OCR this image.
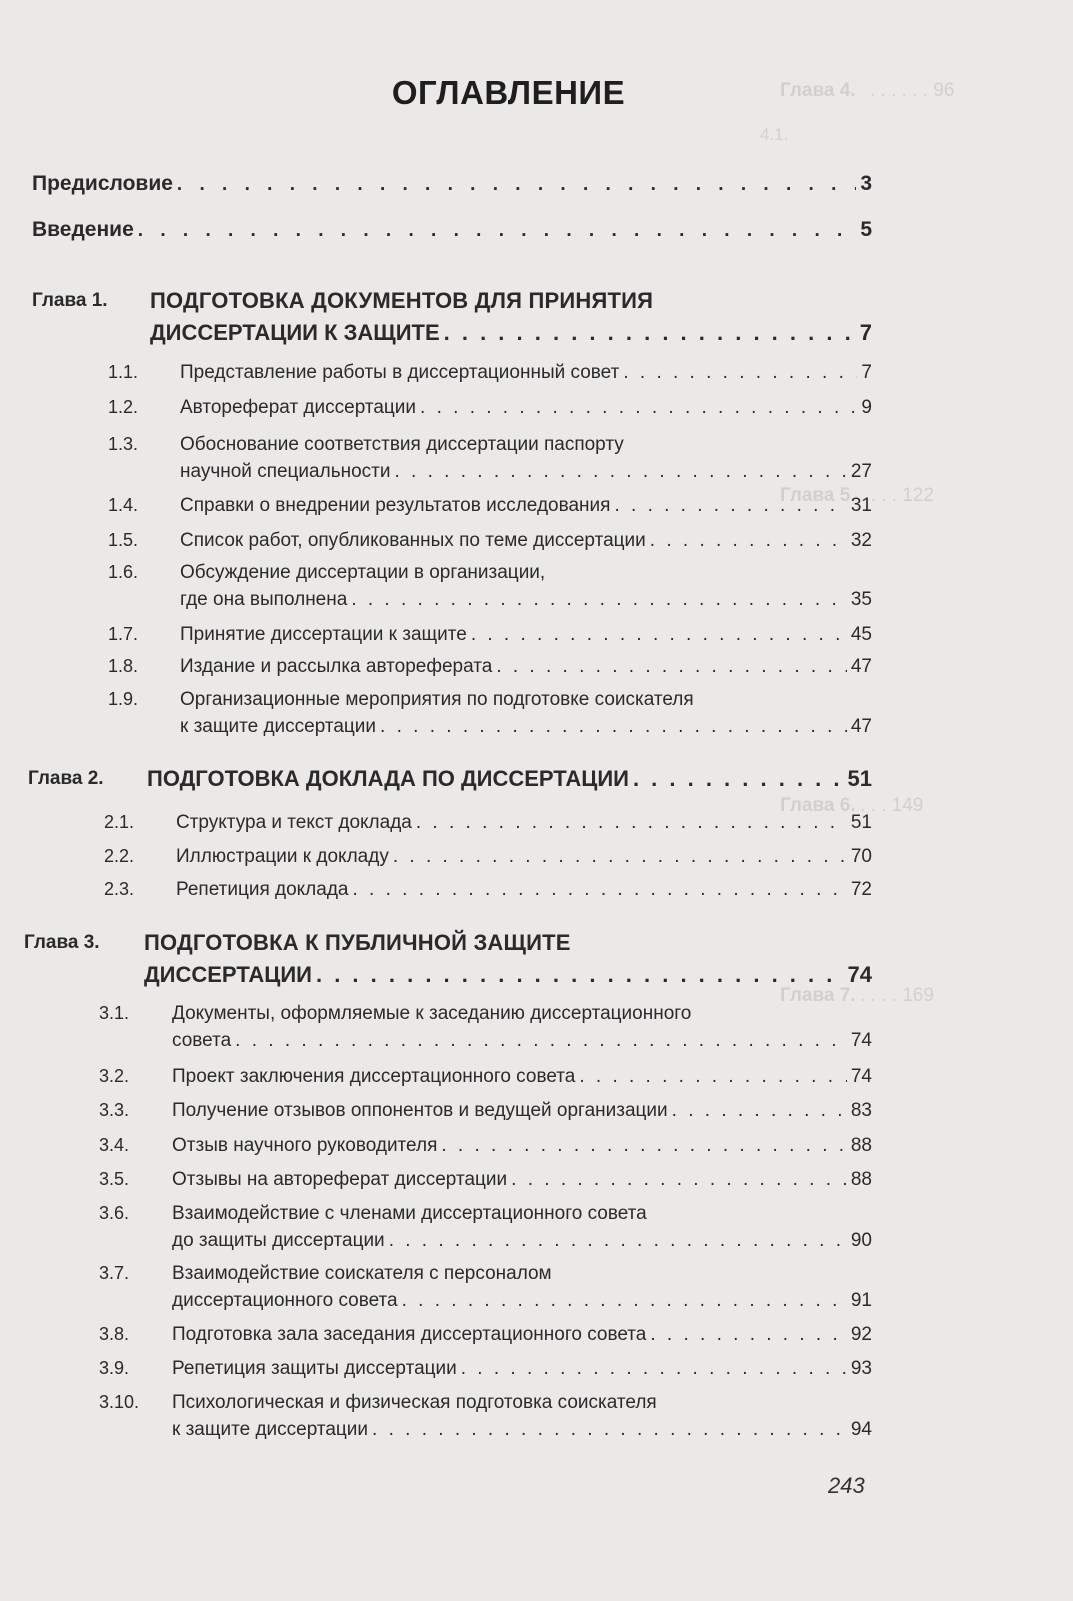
Глава 4. . . . . . . 96
4.1.
Глава 5. . . . . 122
Глава 6. . . . 149
Глава 7. . . . . 169
ОГЛАВЛЕНИЕ
Предисловие . . .	3
Введение . . .	5
Глава 1. ПОДГОТОВКА ДОКУМЕНТОВ ДЛЯ ПРИНЯТИЯ
ДИССЕРТАЦИИ К ЗАЩИТЕ . . .	7
1.1. Представление работы в диссертационный совет . . .	7
1.2. Автореферат диссертации . . .	9
1.3. Обоснование соответствия диссертации паспорту
научной специальности . . .	27
1.4. Справки о внедрении результатов исследования . . .	31
1.5. Список работ, опубликованных по теме диссертации . . .	32
1.6. Обсуждение диссертации в организации,
где она выполнена . . .	35
1.7. Принятие диссертации к защите . . .	45
1.8. Издание и рассылка автореферата . . .	47
1.9. Организационные мероприятия по подготовке соискателя
к защите диссертации . . .	47
Глава 2. ПОДГОТОВКА ДОКЛАДА ПО ДИССЕРТАЦИИ . . .	51
2.1. Структура и текст доклада . . .	51
2.2. Иллюстрации к докладу . . .	70
2.3. Репетиция доклада . . .	72
Глава 3. ПОДГОТОВКА К ПУБЛИЧНОЙ ЗАЩИТЕ
ДИССЕРТАЦИИ . . .	74
3.1. Документы, оформляемые к заседанию диссертационного
совета . . .	74
3.2. Проект заключения диссертационного совета . . .	74
3.3. Получение отзывов оппонентов и ведущей организации . . .	83
3.4. Отзыв научного руководителя . . .	88
3.5. Отзывы на автореферат диссертации . . .	88
3.6. Взаимодействие с членами диссертационного совета
до защиты диссертации . . .	90
3.7. Взаимодействие соискателя с персоналом
диссертационного совета . . .	91
3.8. Подготовка зала заседания диссертационного совета . . .	92
3.9. Репетиция защиты диссертации . . .	93
3.10. Психологическая и физическая подготовка соискателя
к защите диссертации . . .	94
243
